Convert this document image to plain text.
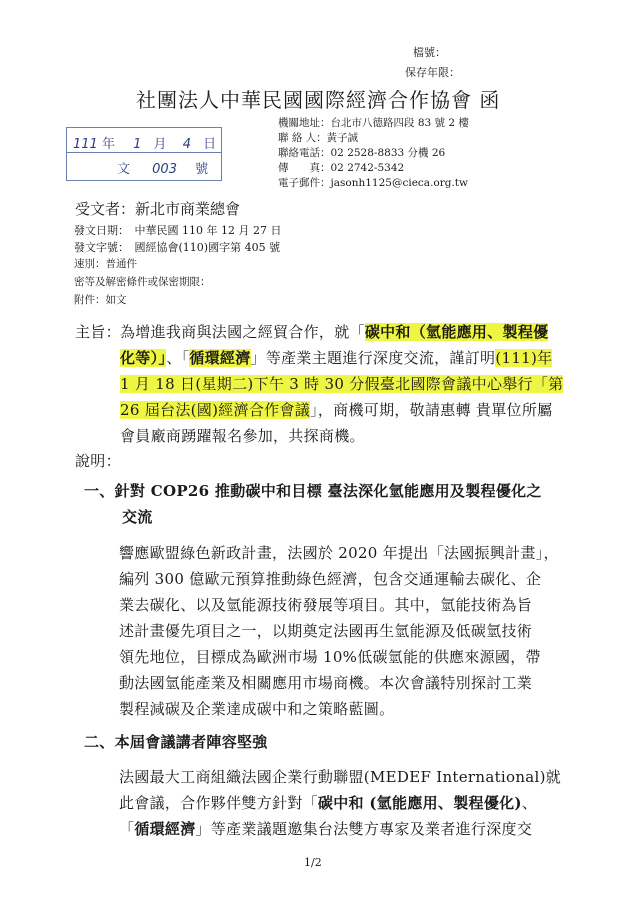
檔號：
保存年限：
社團法人中華民國國際經濟合作協會 函
機關地址：台北市八德路四段 83 號 2 樓
聯 絡 人：黃子誠
聯絡電話：02 2528-8833 分機 26
傳　　真：02 2742-5342
電子郵件：jasonh1125@cieca.org.tw
111 年 1 月 4 日
文 003 號
受文者：新北市商業總會
發文日期：　中華民國 110 年 12 月 27 日
發文字號：　國經協會(110)國字第 405 號
速別：普通件
密等及解密條件或保密期限：
附件：如文
主旨： 為增進我商與法國之經貿合作，就「碳中和（氫能應用、製程優
化等）」、「循環經濟」等產業主題進行深度交流，謹訂明(111)年
1 月 18 日(星期二)下午 3 時 30 分假臺北國際會議中心舉行「第
26 屆台法(國)經濟合作會議」，商機可期，敬請惠轉 貴單位所屬
會員廠商踴躍報名參加，共探商機。
說明：
一、針對 COP26 推動碳中和目標 臺法深化氫能應用及製程優化之
交流
響應歐盟綠色新政計畫，法國於 2020 年提出「法國振興計畫」，
編列 300 億歐元預算推動綠色經濟，包含交通運輸去碳化、企
業去碳化、以及氫能源技術發展等項目。其中，氫能技術為旨
述計畫優先項目之一，以期奠定法國再生氫能源及低碳氫技術
領先地位，目標成為歐洲市場 10%低碳氫能的供應來源國，帶
動法國氫能產業及相關應用市場商機。本次會議特別探討工業
製程減碳及企業達成碳中和之策略藍圖。
二、本屆會議講者陣容堅強
法國最大工商組織法國企業行動聯盟(MEDEF International)就
此會議，合作夥伴雙方針對「碳中和 (氫能應用、製程優化)、
「循環經濟」等產業議題邀集台法雙方專家及業者進行深度交
1/2
